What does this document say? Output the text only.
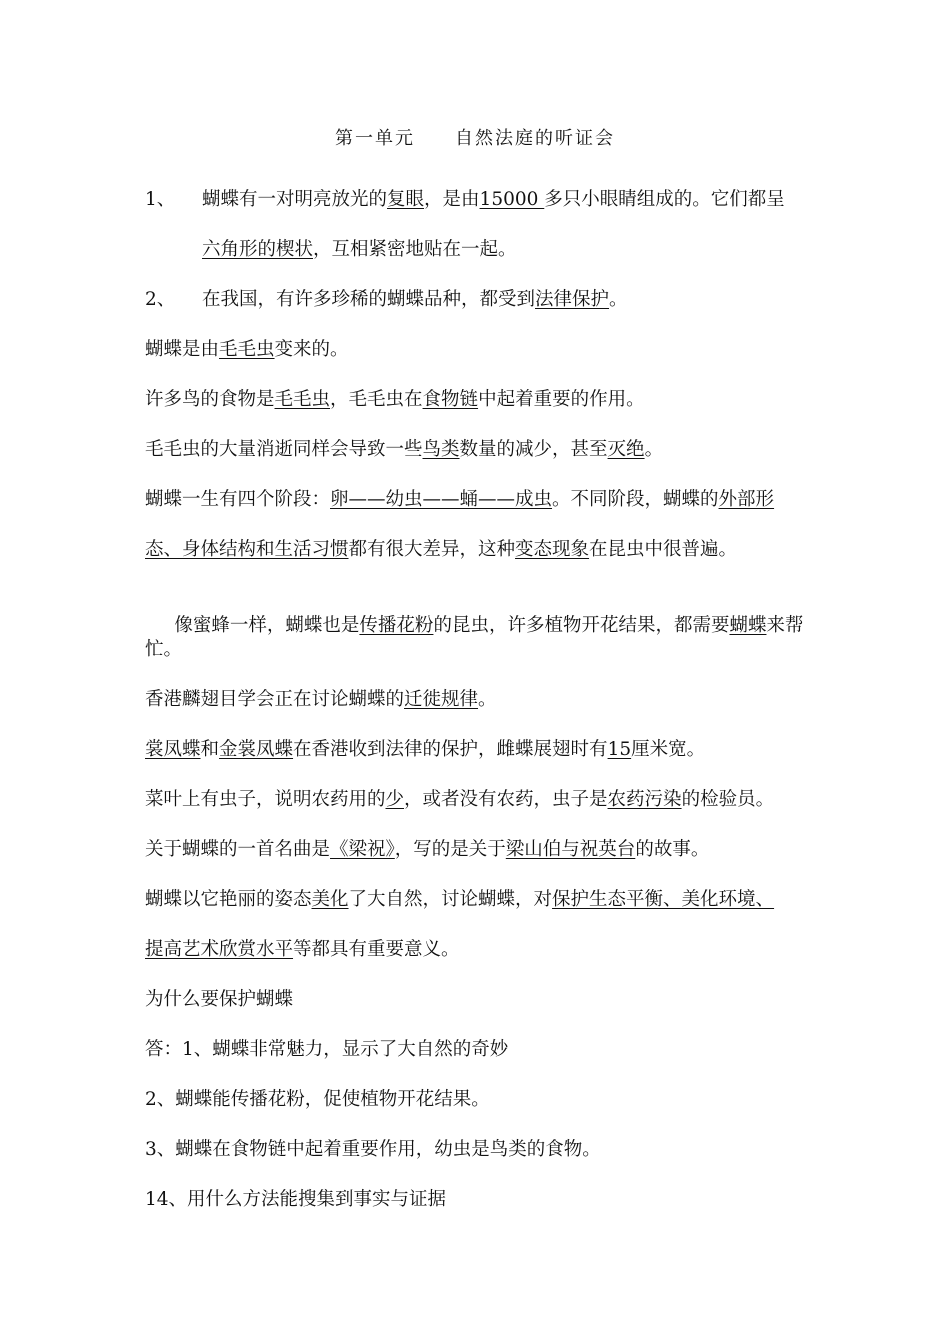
第一单元 自然法庭的听证会
1、 蝴蝶有一对明亮放光的复眼，是由15000 多只小眼睛组成的。它们都呈
六角形的楔状，互相紧密地贴在一起。
2、 在我国，有许多珍稀的蝴蝶品种，都受到法律保护。
蝴蝶是由毛毛虫变来的。
许多鸟的食物是毛毛虫，毛毛虫在食物链中起着重要的作用。
毛毛虫的大量消逝同样会导致一些鸟类数量的减少，甚至灭绝。
蝴蝶一生有四个阶段：卵——幼虫——蛹——成虫。不同阶段，蝴蝶的外部形
态、身体结构和生活习惯都有很大差异，这种变态现象在昆虫中很普遍。

像蜜蜂一样，蝴蝶也是传播花粉的昆虫，许多植物开花结果，都需要蝴蝶来帮

忙。
香港麟翅目学会正在讨论蝴蝶的迁徙规律。
裳凤蝶和金裳凤蝶在香港收到法律的保护，雌蝶展翅时有15厘米宽。
菜叶上有虫子，说明农药用的少，或者没有农药，虫子是农药污染的检验员。
关于蝴蝶的一首名曲是《梁祝》，写的是关于梁山伯与祝英台的故事。
蝴蝶以它艳丽的姿态美化了大自然，讨论蝴蝶，对保护生态平衡、美化环境、
提高艺术欣赏水平等都具有重要意义。
为什么要保护蝴蝶
答：1、蝴蝶非常魅力，显示了大自然的奇妙
2、蝴蝶能传播花粉，促使植物开花结果。
3、蝴蝶在食物链中起着重要作用，幼虫是鸟类的食物。
14、用什么方法能搜集到事实与证据
